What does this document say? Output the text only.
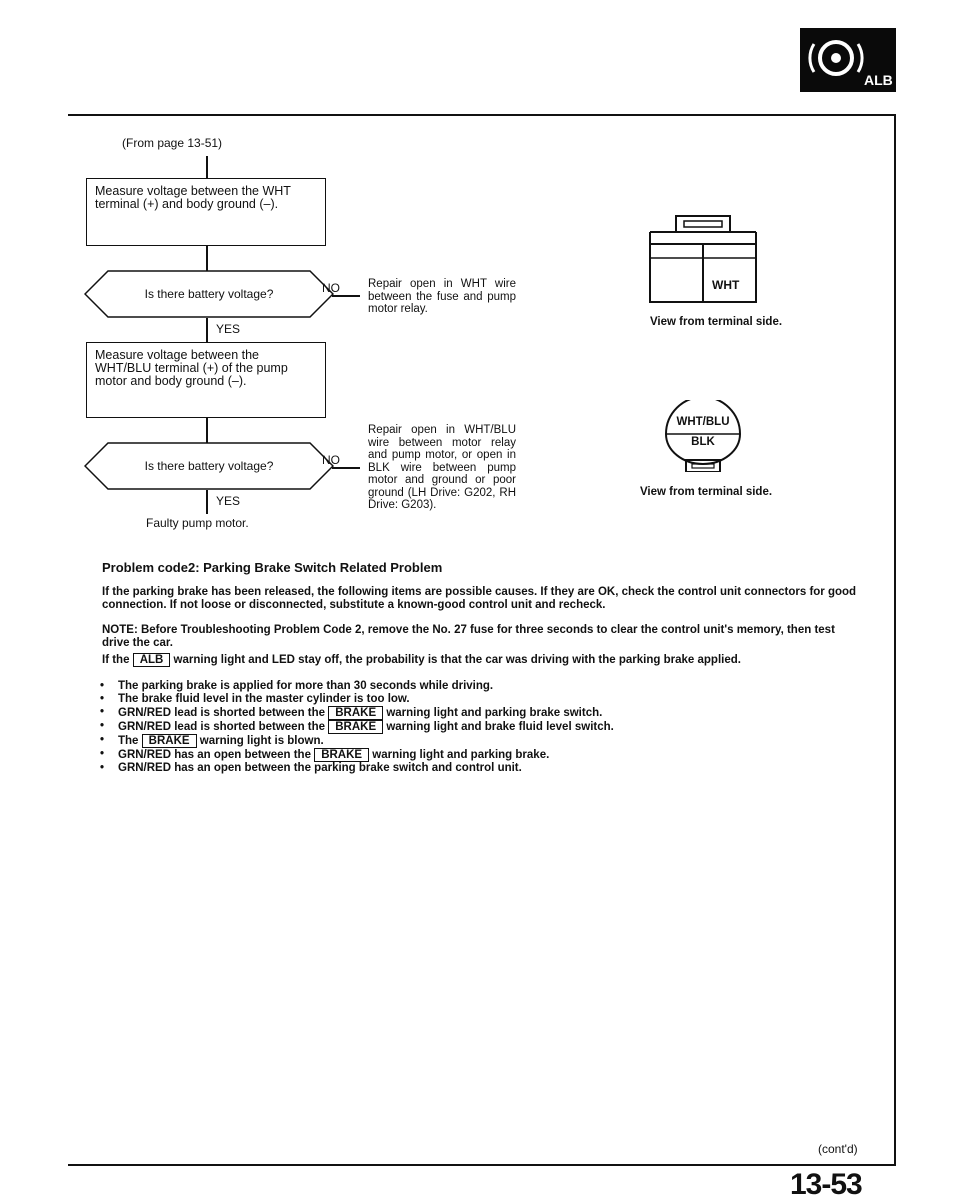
ALB
(From page 13-51)
Measure voltage between the WHT terminal (+) and body ground (–).
Is there battery voltage?	NO Repair open in WHT wire between the fuse and pump motor relay.
YES
Measure voltage between the WHT/BLU terminal (+) of the pump motor and body ground (–).
Is there battery voltage?	NO
Repair open in WHT/BLU wire between motor relay and pump motor, or open in BLK wire between pump motor and ground or poor ground (LH Drive: G202, RH Drive: G203).
YES
Faulty pump motor.
WHT
View from terminal side.
WHT/BLU
BLK
View from terminal side.
Problem code2: Parking Brake Switch Related Problem
If the parking brake has been released, the following items are possible causes. If they are OK, check the control unit connectors for good connection. If not loose or disconnected, substitute a known-good control unit and recheck.
NOTE: Before Troubleshooting Problem Code 2, remove the No. 27 fuse for three seconds to clear the control unit's memory, then test drive the car.
If the ALB warning light and LED stay off, the probability is that the car was driving with the parking brake applied.
• The parking brake is applied for more than 30 seconds while driving.
• The brake fluid level in the master cylinder is too low.
• GRN/RED lead is shorted between the BRAKE warning light and parking brake switch.
• GRN/RED lead is shorted between the BRAKE warning light and brake fluid level switch.
• The BRAKE warning light is blown.
• GRN/RED has an open between the BRAKE warning light and parking brake.
• GRN/RED has an open between the parking brake switch and control unit.
(cont'd)
13-53
